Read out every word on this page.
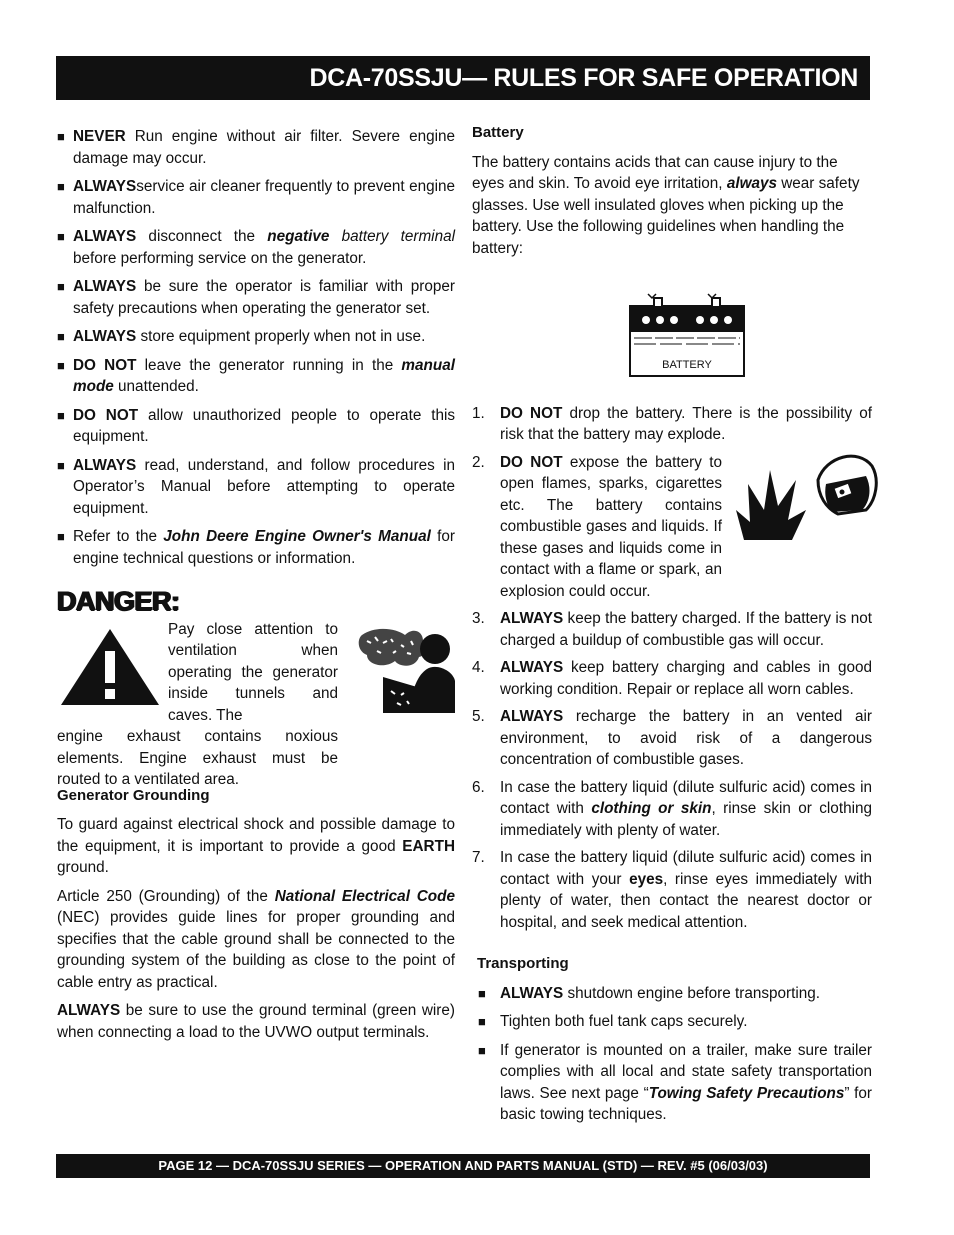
DCA-70SSJU— RULES FOR SAFE OPERATION
■ NEVER Run engine without air filter. Severe engine damage may occur.
■ ALWAYSservice air cleaner frequently to prevent engine malfunction.
■ ALWAYS disconnect the negative battery terminal before performing service on the generator.
■ ALWAYS be sure the operator is familiar with proper safety precautions when operating the generator set.
■ ALWAYS store equipment properly when not in use.
■ DO NOT leave the generator running in the manual mode unattended.
■ DO NOT allow unauthorized people to operate this equipment.
■ ALWAYS read, understand, and follow procedures in Operator’s Manual before attempting to operate equipment.
■ Refer to the John Deere Engine Owner's Manual for engine technical questions or information.
DANGER:
Pay close attention to ventilation when operating the generator inside tunnels and caves. The
engine exhaust contains noxious elements. Engine exhaust must be routed to a ventilated area.
Generator Grounding
To guard against electrical shock and possible damage to the equipment, it is important to provide a good EARTH ground.
Article 250 (Grounding) of the National Electrical Code (NEC) provides guide lines for proper grounding and specifies that the cable ground shall be connected to the grounding system of the building as close to the point of cable entry as practical.
ALWAYS be sure to use the ground terminal (green wire) when connecting a load to the UVWO output terminals.
Battery
The battery contains acids that can cause injury to the eyes and skin. To avoid eye irritation, always wear safety glasses. Use well insulated gloves when picking up the battery. Use the following guidelines when handling the battery:
BATTERY
1. DO NOT drop the battery. There is the possibility of risk that the battery may explode.
2. DO NOT expose the battery to open flames, sparks, cigarettes etc. The battery contains combustible gases and liquids. If these gases and liquids come in contact with a flame or spark, an explosion could occur.
3. ALWAYS keep the battery charged. If the battery is not charged a buildup of combustible gas will occur.
4. ALWAYS keep battery charging and cables in good working condition. Repair or replace all worn cables.
5. ALWAYS recharge the battery in an vented air environment, to avoid risk of a dangerous concentration of combustible gases.
6. In case the battery liquid (dilute sulfuric acid) comes in contact with clothing or skin, rinse skin or clothing immediately with plenty of water.
7. In case the battery liquid (dilute sulfuric acid) comes in contact with your eyes, rinse eyes immediately with plenty of water, then contact the nearest doctor or hospital, and seek medical attention.
Transporting
■ ALWAYS shutdown engine before transporting.
■ Tighten both fuel tank caps securely.
■ If generator is mounted on a trailer, make sure trailer complies with all local and state safety transportation laws. See next page “Towing Safety Precautions” for basic towing techniques.
PAGE 12 — DCA-70SSJU SERIES — OPERATION AND PARTS MANUAL (STD) — REV. #5 (06/03/03)
